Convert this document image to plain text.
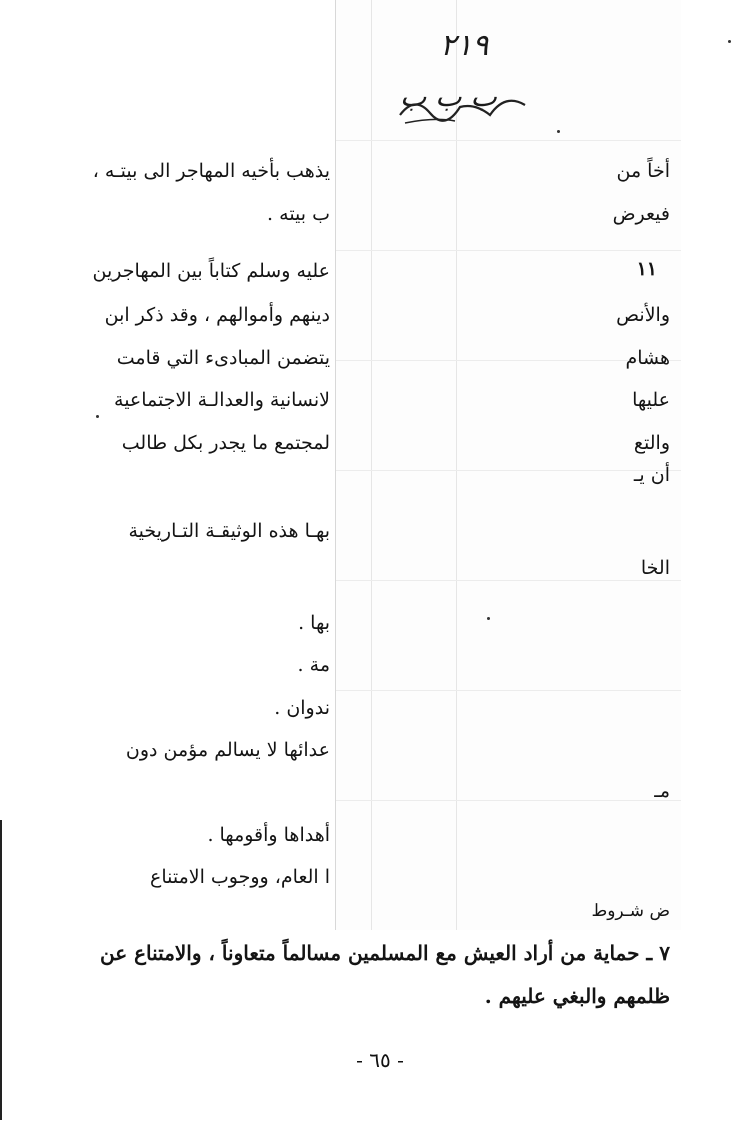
٢١٩
ب ب ب
يذهب بأخيه المهاجر الى بيتـه ،
ب بيته .
عليه وسلم كتاباً بين المهاجرين
دينهم وأموالهم ، وقد ذكر ابن
يتضمن المبادىء التي قامت
لانسانية والعدالـة الاجتماعية
لمجتمع ما يجدر بكل طالب
بهـا هذه الوثيقـة التـاريخية
بها .
مة .
ندوان .
عدائها لا يسالم مؤمن دون
أهداها وأقومها .
ا العام، ووجوب الامتناع
أخاً من
فيعرض
١١
والأنص
هشام
عليها
والتع
أن يـ
الخا
مـ
ض شـروط
٧ ـ حماية من أراد العيش مع المسلمين مسالماً متعاوناً ، والامتناع عن
ظلمهم والبغي عليهم .
- ٦٥ -
